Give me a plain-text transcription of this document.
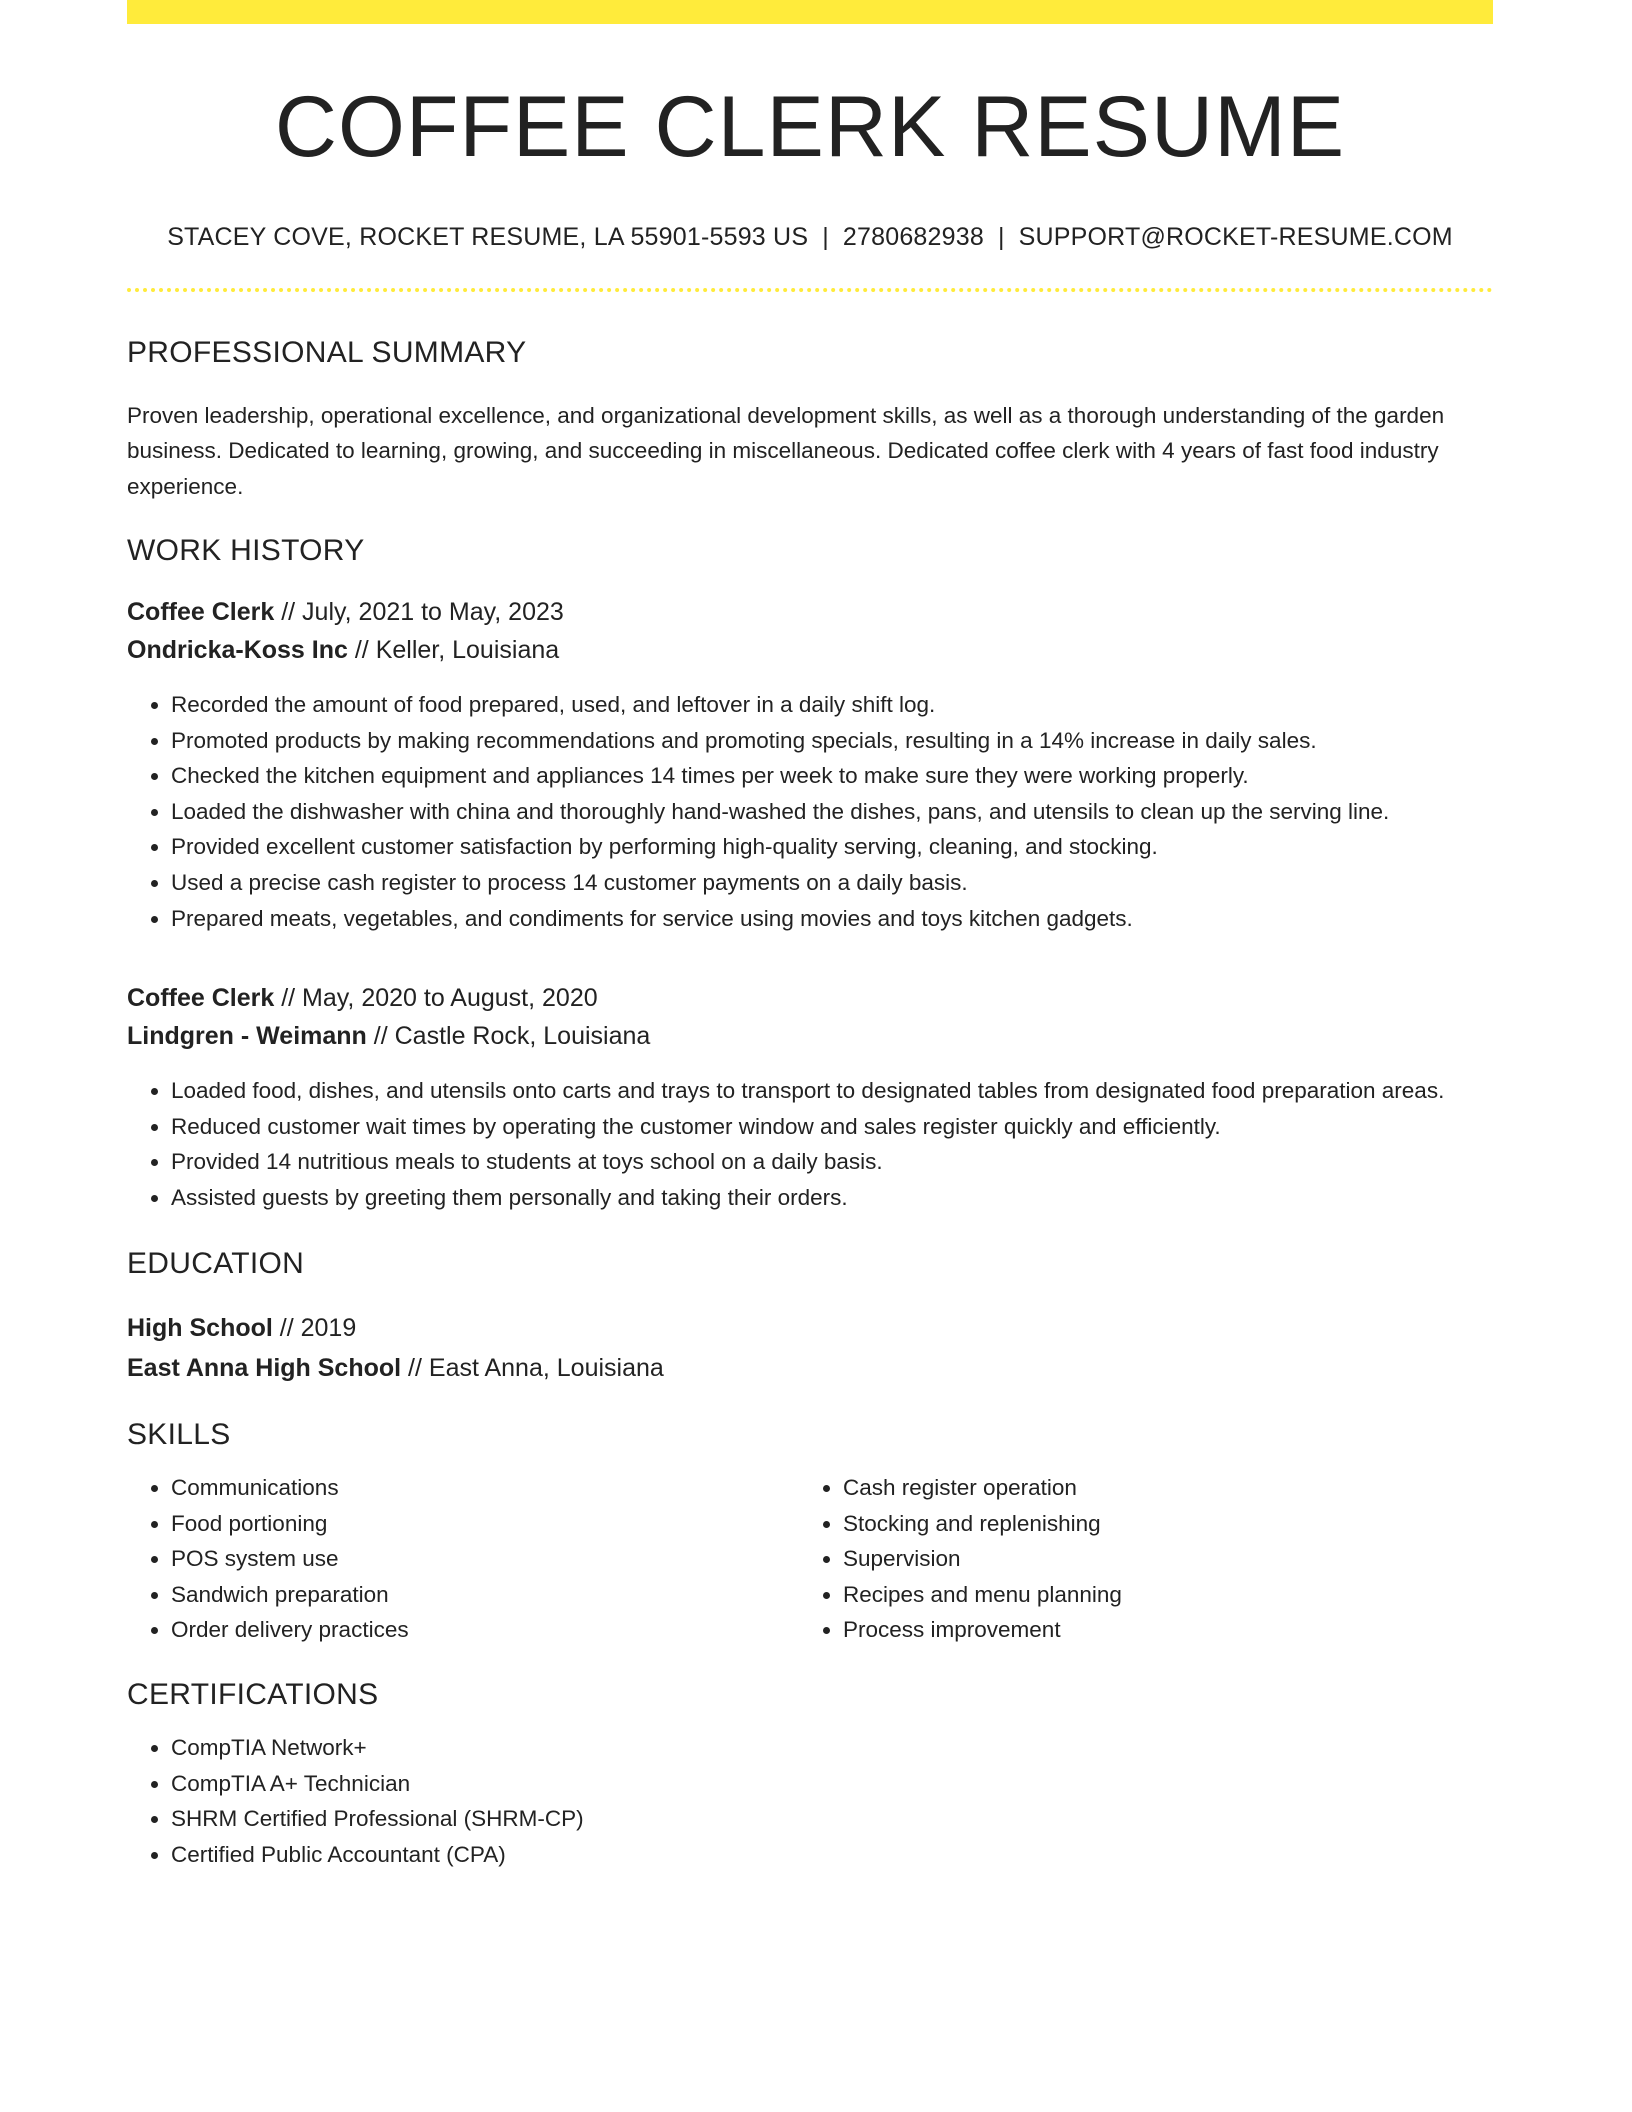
COFFEE CLERK RESUME
STACEY COVE, ROCKET RESUME, LA 55901-5593 US | 2780682938 | SUPPORT@ROCKET-RESUME.COM
PROFESSIONAL SUMMARY

Proven leadership, operational excellence, and organizational development skills, as well as a thorough understanding of the garden business. Dedicated to learning, growing, and succeeding in miscellaneous. Dedicated coffee clerk with 4 years of fast food industry experience.

WORK HISTORY
Coffee Clerk // July, 2021 to May, 2023
Ondricka-Koss Inc // Keller, Louisiana
• Recorded the amount of food prepared, used, and leftover in a daily shift log.
• Promoted products by making recommendations and promoting specials, resulting in a 14% increase in daily sales.
• Checked the kitchen equipment and appliances 14 times per week to make sure they were working properly.
• Loaded the dishwasher with china and thoroughly hand-washed the dishes, pans, and utensils to clean up the serving line.
• Provided excellent customer satisfaction by performing high-quality serving, cleaning, and stocking.
• Used a precise cash register to process 14 customer payments on a daily basis.
• Prepared meats, vegetables, and condiments for service using movies and toys kitchen gadgets.
Coffee Clerk // May, 2020 to August, 2020
Lindgren - Weimann // Castle Rock, Louisiana
• Loaded food, dishes, and utensils onto carts and trays to transport to designated tables from designated food preparation areas.
• Reduced customer wait times by operating the customer window and sales register quickly and efficiently.
• Provided 14 nutritious meals to students at toys school on a daily basis.
• Assisted guests by greeting them personally and taking their orders.
EDUCATION
High School // 2019
East Anna High School // East Anna, Louisiana
SKILLS
• Communications
• Food portioning
• POS system use
• Sandwich preparation
• Order delivery practices
• Cash register operation
• Stocking and replenishing
• Supervision
• Recipes and menu planning
• Process improvement
CERTIFICATIONS
• CompTIA Network+
• CompTIA A+ Technician
• SHRM Certified Professional (SHRM-CP)
• Certified Public Accountant (CPA)
